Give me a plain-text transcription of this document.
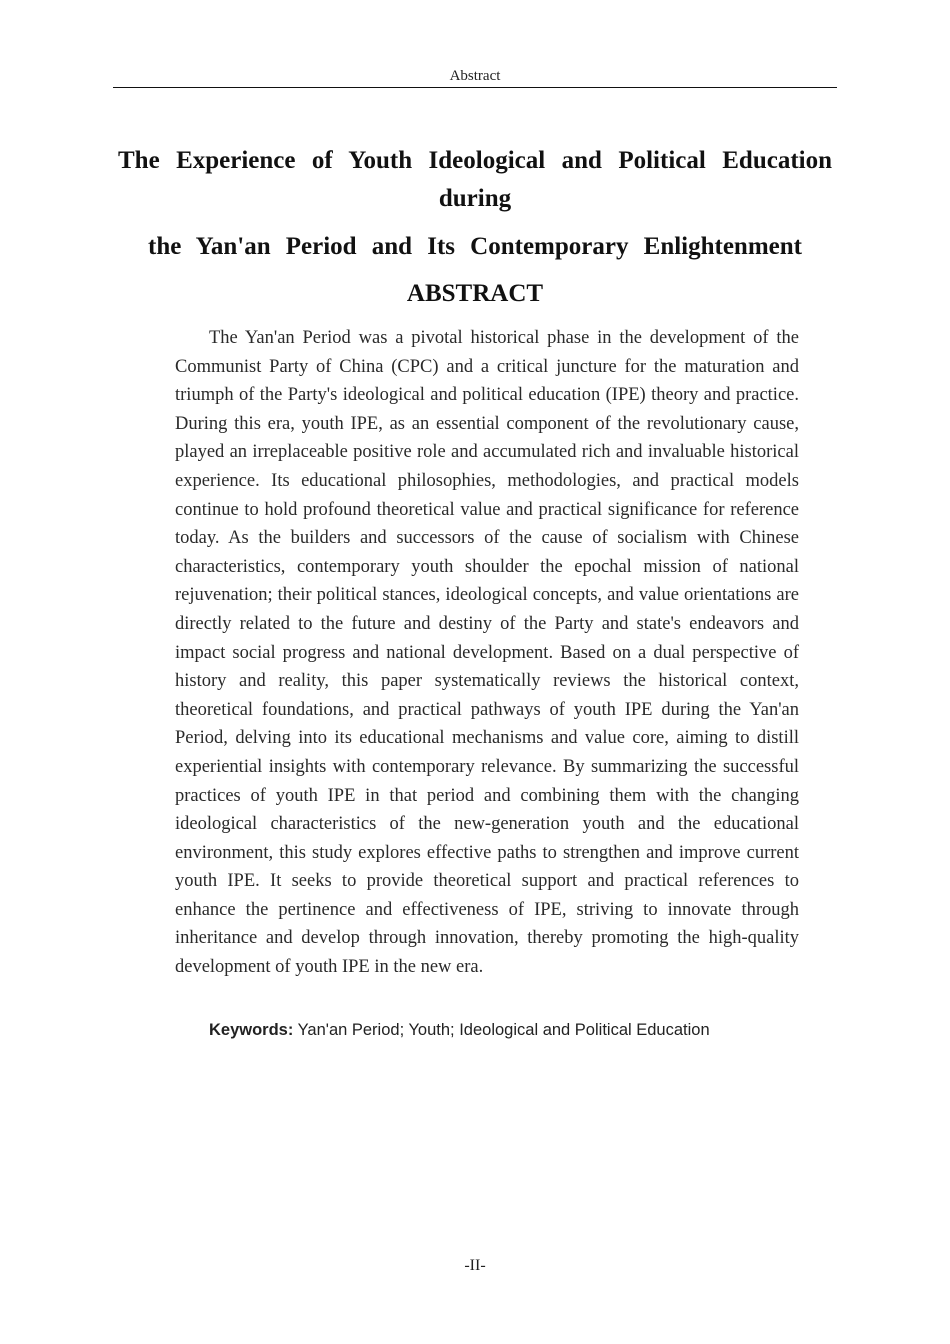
Abstract
The Experience of Youth Ideological and Political Education during
the Yan'an Period and Its Contemporary Enlightenment
ABSTRACT

The Yan'an Period was a pivotal historical phase in the development of the Communist Party of China (CPC) and a critical juncture for the maturation and triumph of the Party's ideological and political education (IPE) theory and practice. During this era, youth IPE, as an essential component of the revolutionary cause, played an irreplaceable positive role and accumulated rich and invaluable historical experience. Its educational philosophies, methodologies, and practical models continue to hold profound theoretical value and practical significance for reference today. As the builders and successors of the cause of socialism with Chinese characteristics, contemporary youth shoulder the epochal mission of national rejuvenation; their political stances, ideological concepts, and value orientations are directly related to the future and destiny of the Party and state's endeavors and impact social progress and national development. Based on a dual perspective of history and reality, this paper systematically reviews the historical context, theoretical foundations, and practical pathways of youth IPE during the Yan'an Period, delving into its educational mechanisms and value core, aiming to distill experiential insights with contemporary relevance. By summarizing the successful practices of youth IPE in that period and combining them with the changing ideological characteristics of the new-generation youth and the educational environment, this study explores effective paths to strengthen and improve current youth IPE. It seeks to provide theoretical support and practical references to enhance the pertinence and effectiveness of IPE, striving to innovate through inheritance and develop through innovation, thereby promoting the high-quality development of youth IPE in the new era.

Keywords: Yan'an Period; Youth; Ideological and Political Education
-II-
